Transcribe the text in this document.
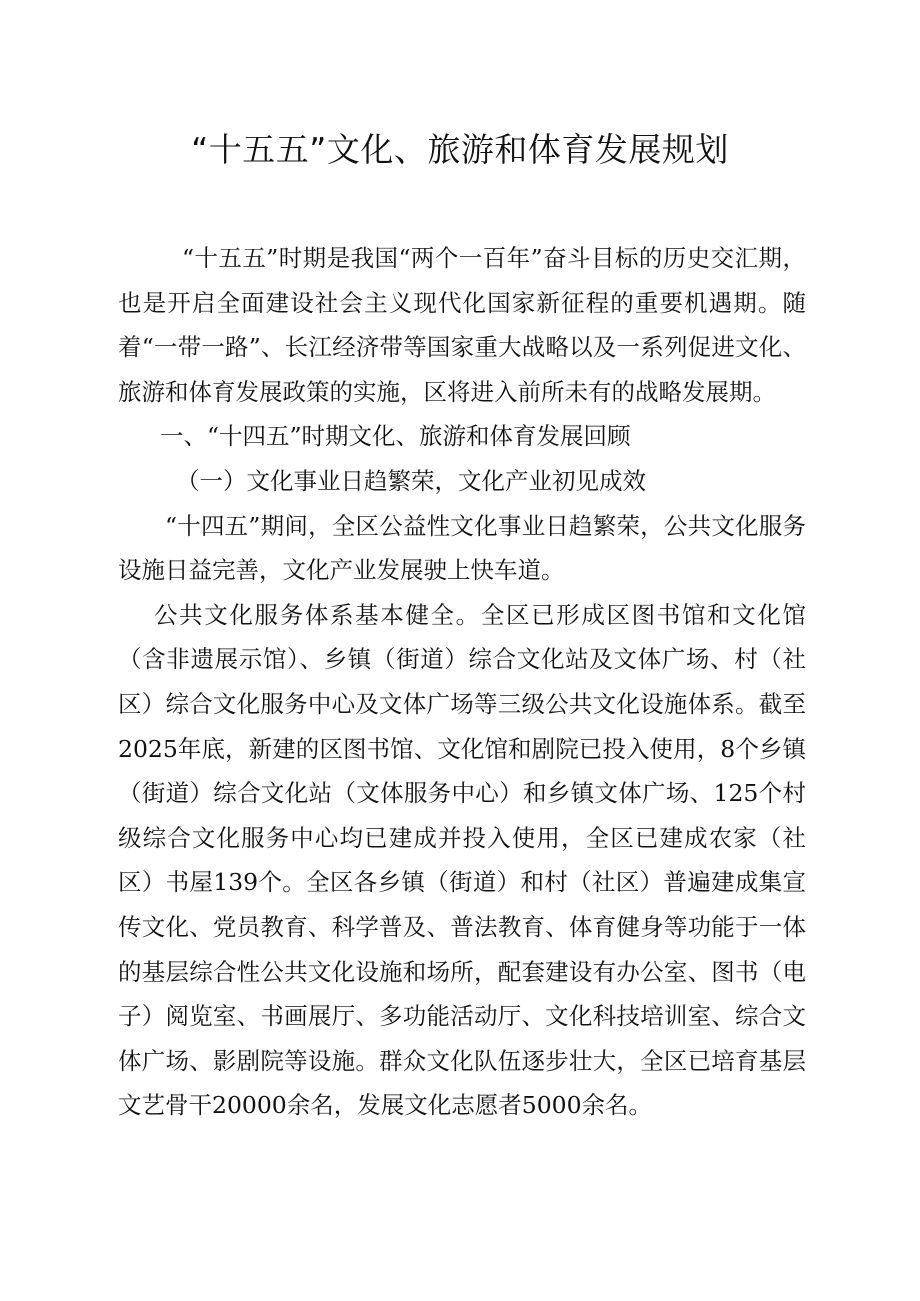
“十五五”文化、旅游和体育发展规划

“十五五”时期是我国“两个一百年”奋斗目标的历史交汇期，也是开启全面建设社会主义现代化国家新征程的重要机遇期。随着“一带一路”、长江经济带等国家重大战略以及一系列促进文化、旅游和体育发展政策的实施，区将进入前所未有的战略发展期。

一、“十四五”时期文化、旅游和体育发展回顾

（一）文化事业日趋繁荣，文化产业初见成效

“十四五”期间，全区公益性文化事业日趋繁荣，公共文化服务设施日益完善，文化产业发展驶上快车道。

公共文化服务体系基本健全。全区已形成区图书馆和文化馆（含非遗展示馆）、乡镇（街道）综合文化站及文体广场、村（社区）综合文化服务中心及文体广场等三级公共文化设施体系。截至2025年底，新建的区图书馆、文化馆和剧院已投入使用，8个乡镇（街道）综合文化站（文体服务中心）和乡镇文体广场、125个村级综合文化服务中心均已建成并投入使用，全区已建成农家（社区）书屋139个。全区各乡镇（街道）和村（社区）普遍建成集宣传文化、党员教育、科学普及、普法教育、体育健身等功能于一体的基层综合性公共文化设施和场所，配套建设有办公室、图书（电子）阅览室、书画展厅、多功能活动厅、文化科技培训室、综合文体广场、影剧院等设施。群众文化队伍逐步壮大，全区已培育基层文艺骨干20000余名，发展文化志愿者5000余名。
